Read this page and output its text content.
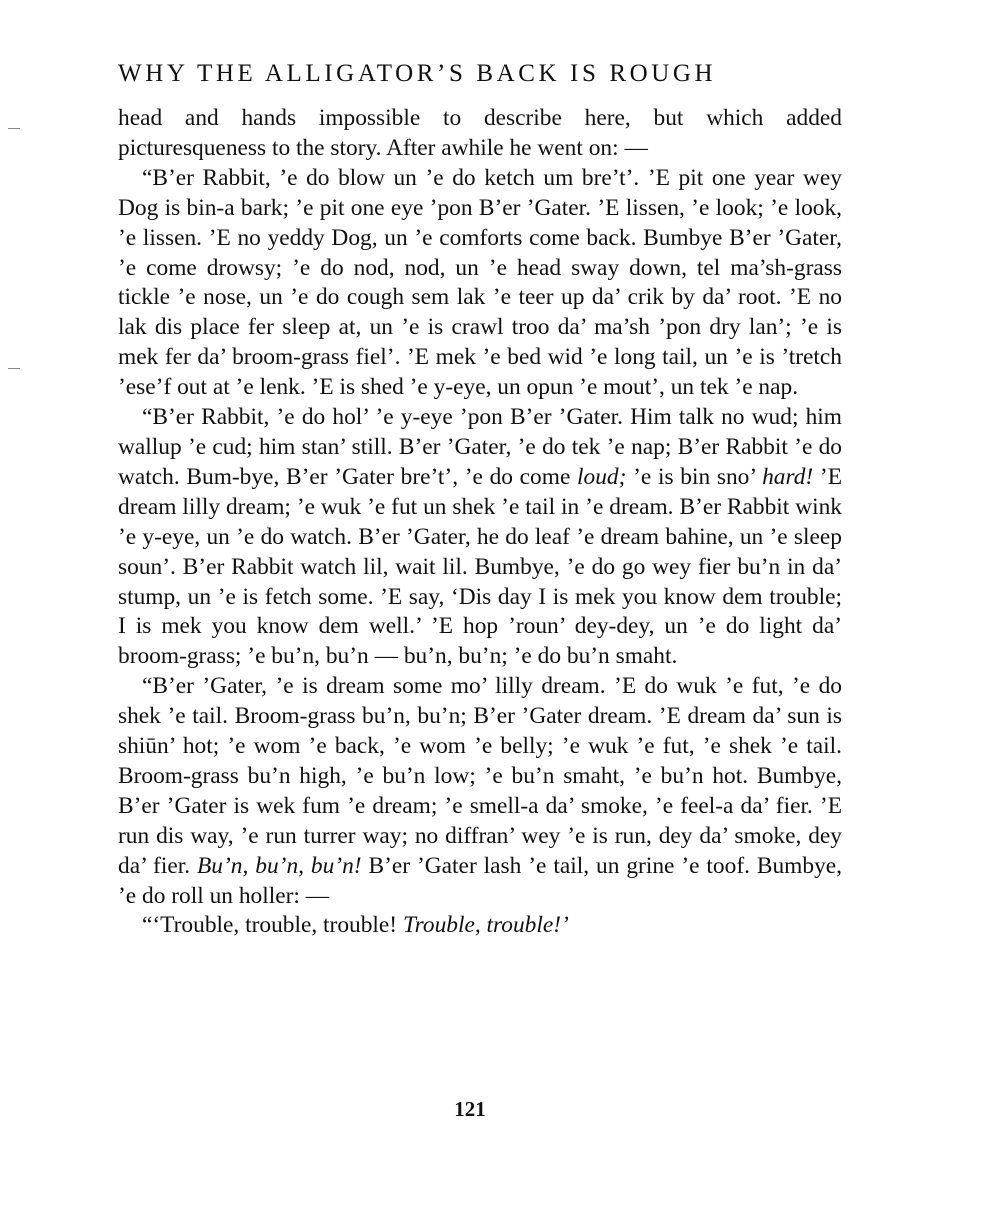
WHY THE ALLIGATOR’S BACK IS ROUGH

head and hands impossible to describe here, but which added picturesqueness to the story. After awhile he went on: —

“B’er Rabbit, ’e do blow un ’e do ketch um bre’t’. ’E pit one year wey Dog is bin-a bark; ’e pit one eye ’pon B’er ’Gater. ’E lissen, ’e look; ’e look, ’e lissen. ’E no yeddy Dog, un ’e comforts come back. Bumbye B’er ’Gater, ’e come drowsy; ’e do nod, nod, un ’e head sway down, tel ma’sh-grass tickle ’e nose, un ’e do cough sem lak ’e teer up da’ crik by da’ root. ’E no lak dis place fer sleep at, un ’e is crawl troo da’ ma’sh ’pon dry lan’; ’e is mek fer da’ broom-grass fiel’. ’E mek ’e bed wid ’e long tail, un ’e is ’tretch ’ese’f out at ’e lenk. ’E is shed ’e y-eye, un opun ’e mout’, un tek ’e nap.

“B’er Rabbit, ’e do hol’ ’e y-eye ’pon B’er ’Gater. Him talk no wud; him wallup ’e cud; him stan’ still. B’er ’Gater, ’e do tek ’e nap; B’er Rabbit ’e do watch. Bum-bye, B’er ’Gater bre’t’, ’e do come loud; ’e is bin sno’ hard! ’E dream lilly dream; ’e wuk ’e fut un shek ’e tail in ’e dream. B’er Rabbit wink ’e y-eye, un ’e do watch. B’er ’Gater, he do leaf ’e dream bahine, un ’e sleep soun’. B’er Rabbit watch lil, wait lil. Bumbye, ’e do go wey fier bu’n in da’ stump, un ’e is fetch some. ’E say, ‘Dis day I is mek you know dem trouble; I is mek you know dem well.’ ’E hop ’roun’ dey-dey, un ’e do light da’ broom-grass; ’e bu’n, bu’n — bu’n, bu’n; ’e do bu’n smaht.

“B’er ’Gater, ’e is dream some mo’ lilly dream. ’E do wuk ’e fut, ’e do shek ’e tail. Broom-grass bu’n, bu’n; B’er ’Gater dream. ’E dream da’ sun is shiūn’ hot; ’e wom ’e back, ’e wom ’e belly; ’e wuk ’e fut, ’e shek ’e tail. Broom-grass bu’n high, ’e bu’n low; ’e bu’n smaht, ’e bu’n hot. Bumbye, B’er ’Gater is wek fum ’e dream; ’e smell-a da’ smoke, ’e feel-a da’ fier. ’E run dis way, ’e run turrer way; no diffran’ wey ’e is run, dey da’ smoke, dey da’ fier. Bu’n, bu’n, bu’n! B’er ’Gater lash ’e tail, un grine ’e toof. Bumbye, ’e do roll un holler: —

“‘Trouble, trouble, trouble! Trouble, trouble!’

121
